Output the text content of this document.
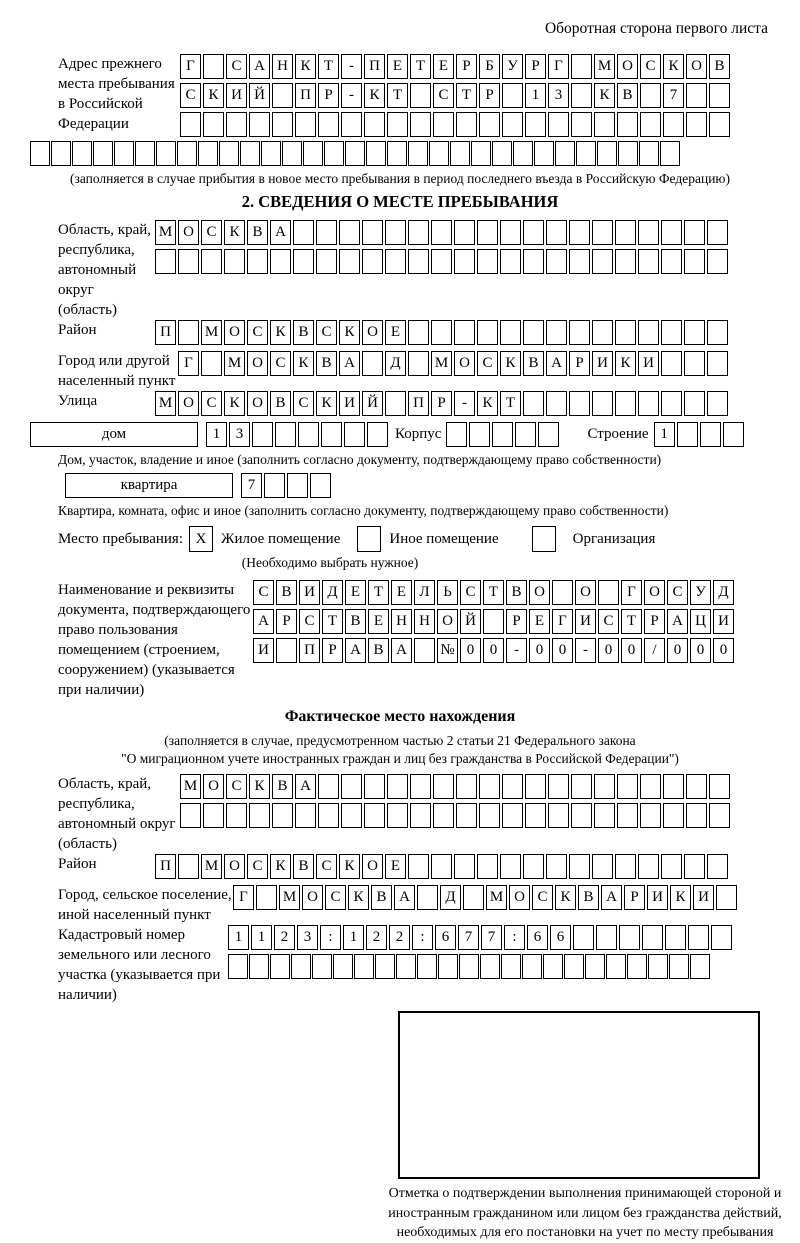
Оборотная сторона первого листа
Адрес прежнего места пребывания в Российской Федерации
Г	С А Н К Т	-	П Е Т Е Р Б У Р Г	М О С К О В
С К И Й	П Р	-	К Т	С Т Р	1	3	К В	7
(заполняется в случае прибытия в новое место пребывания в период последнего въезда в Российскую Федерацию)
2. СВЕДЕНИЯ О МЕСТЕ ПРЕБЫВАНИЯ
Область, край, республика, автономный округ (область)
М О С К В А
Район	П	М О С К В С К О Е
Город или другой населенный пункт
Г	М О С К В А	Д	М О С К В А Р И К И
Улица	М О С К О В С К И Й	П Р	-	К Т
дом	1	3	Корпус	Строение 1
Дом, участок, владение и иное (заполнить согласно документу, подтверждающему право собственности)
квартира	7
Квартира, комната, офис и иное (заполнить согласно документу, подтверждающему право собственности)
Место пребывания: X Жилое помещение	Иное помещение	Организация
(Необходимо выбрать нужное)
Наименование и реквизиты документа, подтверждающего право пользования помещением (строением, сооружением) (указывается при наличии)
С В И Д Е Т Е Л Ь С Т В О	О	Г О С У Д
А Р С Т В Е Н Н О Й	Р Е Г И С Т Р А Ц И
И	П Р А В А	№ 0	0	-	0	0	-	0	0	/	0	0	0
Фактическое место нахождения
(заполняется в случае, предусмотренном частью 2 статьи 21 Федерального закона
"О миграционном учете иностранных граждан и лиц без гражданства в Российской Федерации")
Область, край, республика, автономный округ (область)
М О С К В А
Район	П	М О С К В С К О Е
Город, сельское поселение, иной населенный пункт
Г	М О С К В А	Д	М О С К В А Р И К И
Кадастровый номер земельного или лесного участка (указывается при наличии)
1	1	2	3	:	1	2	2	:	6	7	7	:	6	6
Отметка о подтверждении выполнения принимающей стороной и иностранным гражданином или лицом без гражданства действий, необходимых для его постановки на учет по месту пребывания
